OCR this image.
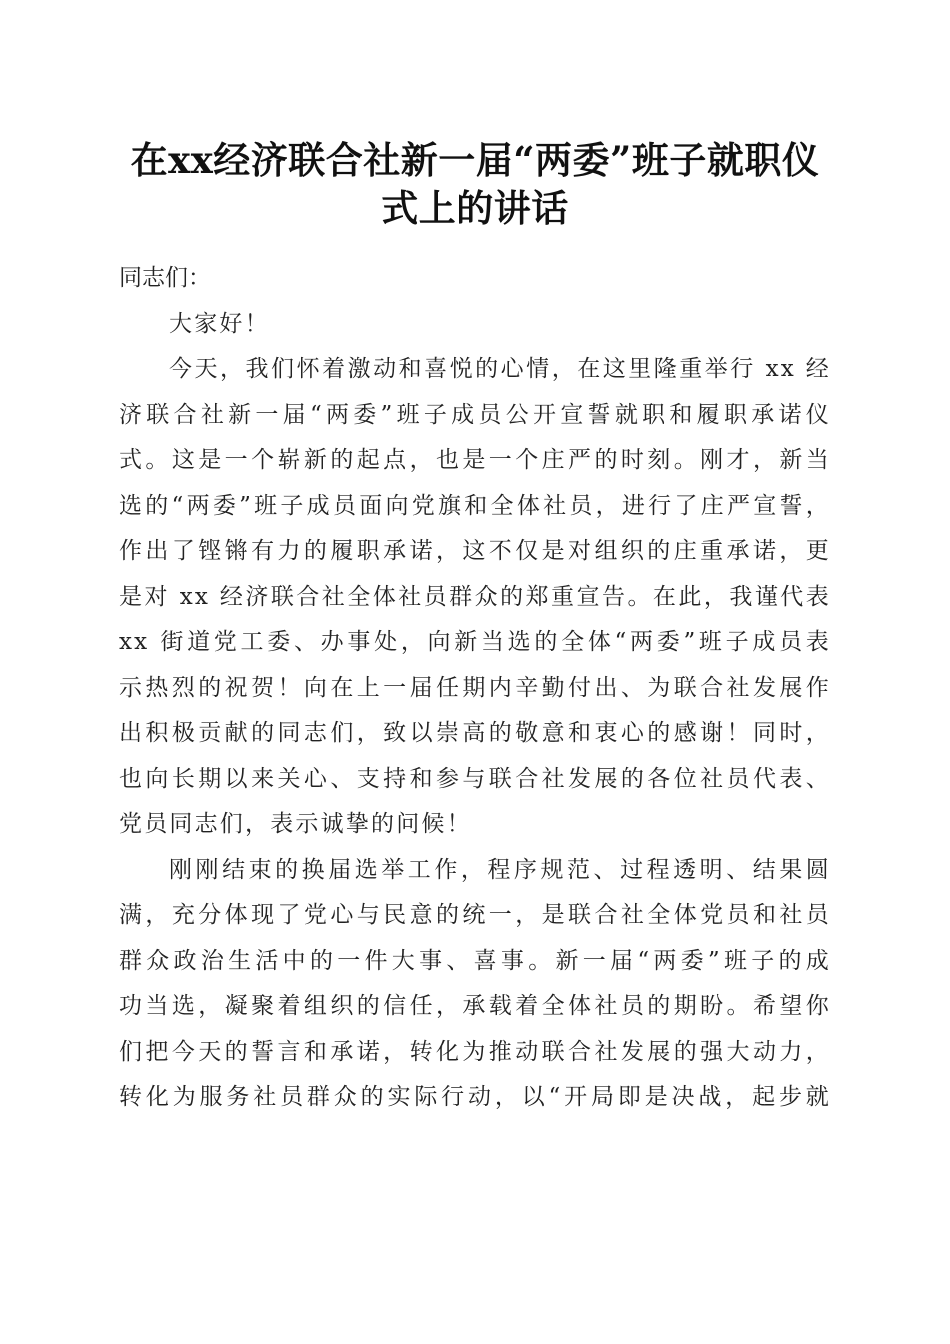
在xx经济联合社新一届“两委”班子就职仪
式上的讲话

同志们：

大家好！

今天，我们怀着激动和喜悦的心情，在这里隆重举行 xx 经

济联合社新一届“两委”班子成员公开宣誓就职和履职承诺仪

式。这是一个崭新的起点，也是一个庄严的时刻。刚才，新当

选的“两委”班子成员面向党旗和全体社员，进行了庄严宣誓，

作出了铿锵有力的履职承诺，这不仅是对组织的庄重承诺，更

是对 xx 经济联合社全体社员群众的郑重宣告。在此，我谨代表

xx 街道党工委、办事处，向新当选的全体“两委”班子成员表

示热烈的祝贺！向在上一届任期内辛勤付出、为联合社发展作

出积极贡献的同志们，致以崇高的敬意和衷心的感谢！同时，

也向长期以来关心、支持和参与联合社发展的各位社员代表、

党员同志们，表示诚挚的问候！

刚刚结束的换届选举工作，程序规范、过程透明、结果圆

满，充分体现了党心与民意的统一，是联合社全体党员和社员

群众政治生活中的一件大事、喜事。新一届“两委”班子的成

功当选，凝聚着组织的信任，承载着全体社员的期盼。希望你

们把今天的誓言和承诺，转化为推动联合社发展的强大动力，

转化为服务社员群众的实际行动，以“开局即是决战，起步就
